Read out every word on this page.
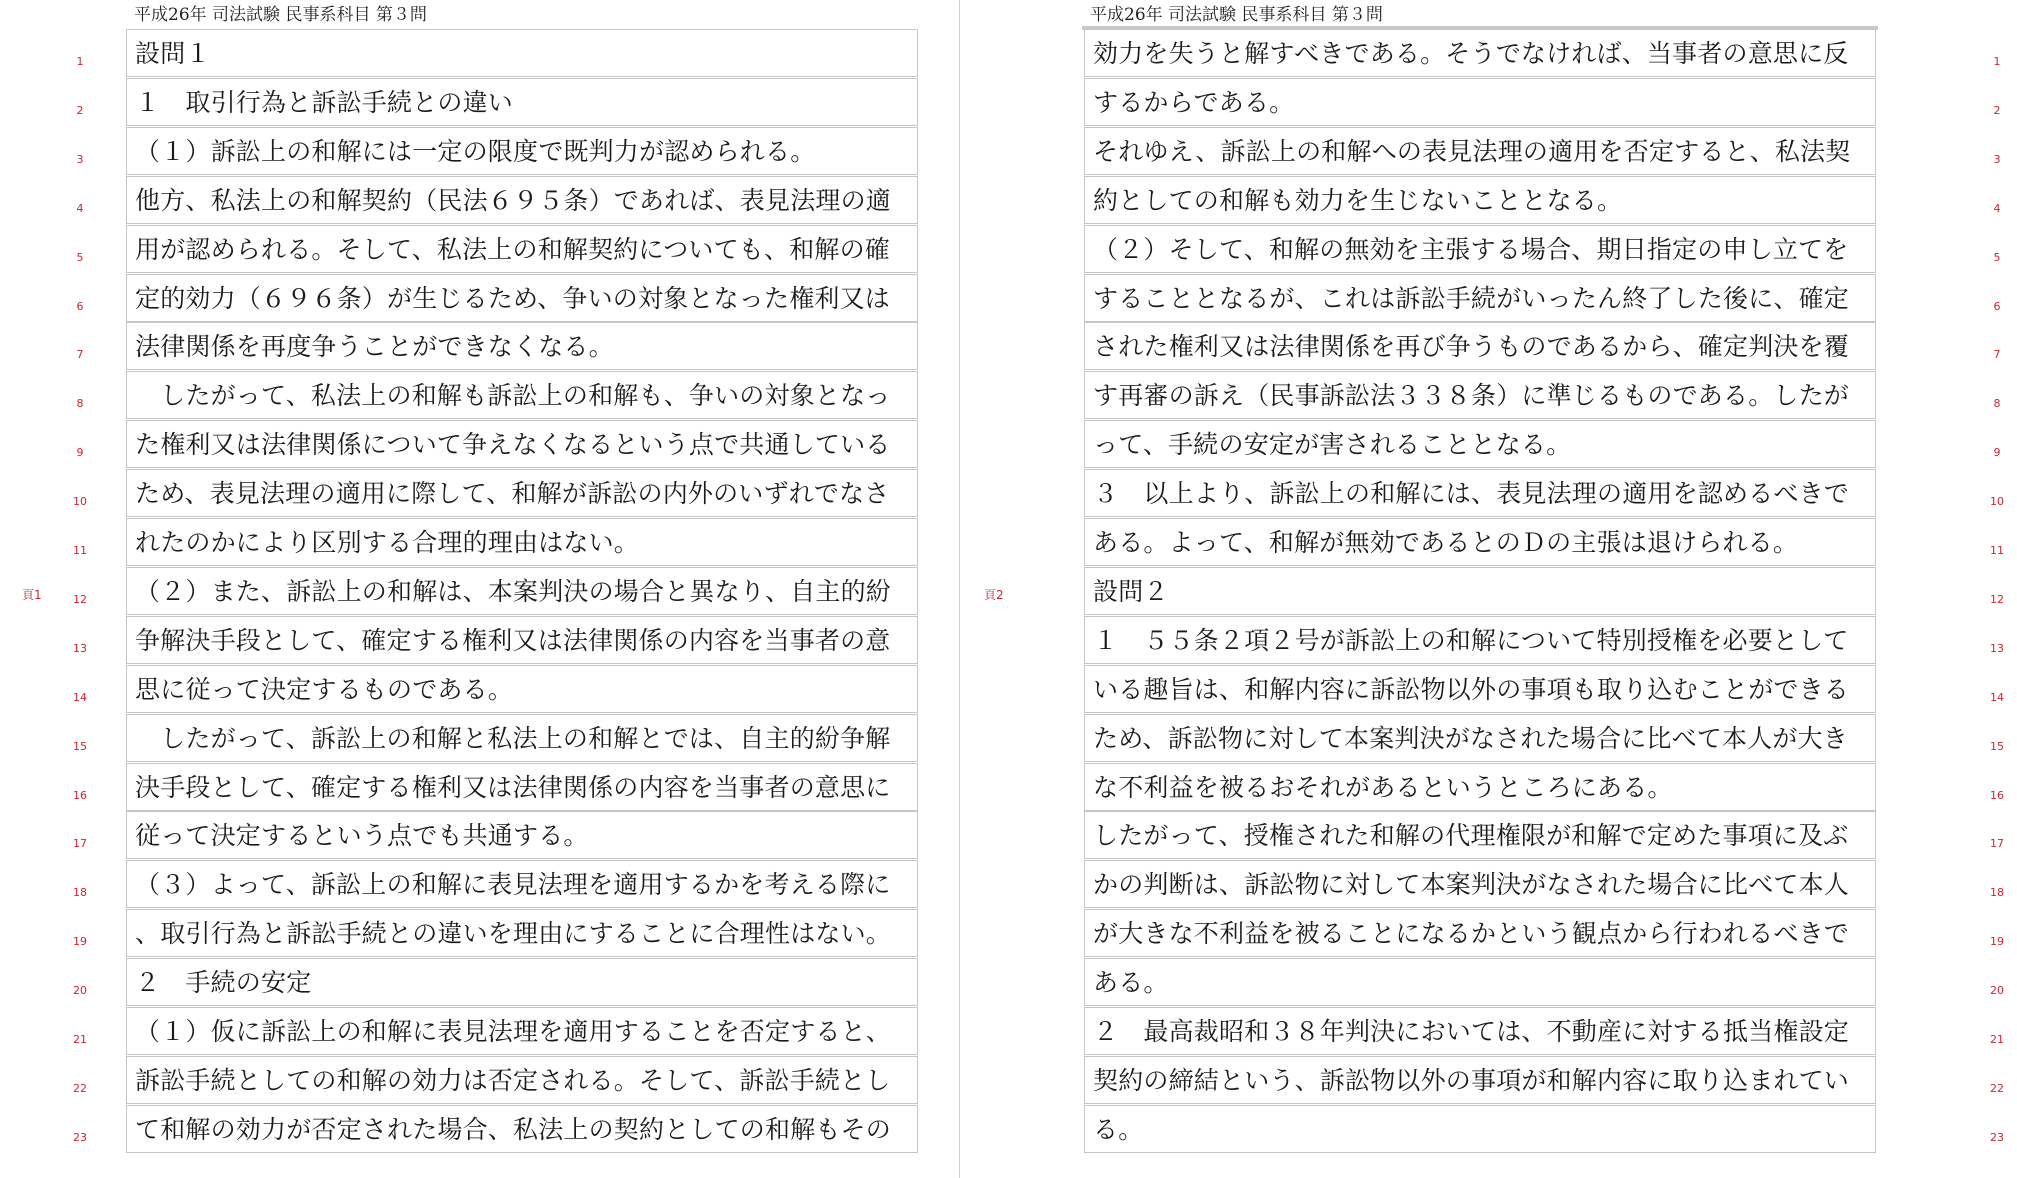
平成26年 司法試験 民事系科目 第３問
頁1
設問１
１　取引行為と訴訟手続との違い
（１）訴訟上の和解には一定の限度で既判力が認められる。
他方、私法上の和解契約（民法６９５条）であれば、表見法理の適
用が認められる。そして、私法上の和解契約についても、和解の確
定的効力（６９６条）が生じるため、争いの対象となった権利又は
法律関係を再度争うことができなくなる。
　したがって、私法上の和解も訴訟上の和解も、争いの対象となっ
た権利又は法律関係について争えなくなるという点で共通している
ため、表見法理の適用に際して、和解が訴訟の内外のいずれでなさ
れたのかにより区別する合理的理由はない。
（２）また、訴訟上の和解は、本案判決の場合と異なり、自主的紛
争解決手段として、確定する権利又は法律関係の内容を当事者の意
思に従って決定するものである。
　したがって、訴訟上の和解と私法上の和解とでは、自主的紛争解
決手段として、確定する権利又は法律関係の内容を当事者の意思に
従って決定するという点でも共通する。
（３）よって、訴訟上の和解に表見法理を適用するかを考える際に
、取引行為と訴訟手続との違いを理由にすることに合理性はない。
２　手続の安定
（１）仮に訴訟上の和解に表見法理を適用することを否定すると、
訴訟手続としての和解の効力は否定される。そして、訴訟手続とし
て和解の効力が否定された場合、私法上の契約としての和解もその
1
2
3
4
5
6
7
8
9
10
11
12
13
14
15
16
17
18
19
20
21
22
23
平成26年 司法試験 民事系科目 第３問
頁2
効力を失うと解すべきである。そうでなければ、当事者の意思に反
するからである。
それゆえ、訴訟上の和解への表見法理の適用を否定すると、私法契
約としての和解も効力を生じないこととなる。
（２）そして、和解の無効を主張する場合、期日指定の申し立てを
することとなるが、これは訴訟手続がいったん終了した後に、確定
された権利又は法律関係を再び争うものであるから、確定判決を覆
す再審の訴え（民事訴訟法３３８条）に準じるものである。したが
って、手続の安定が害されることとなる。
３　以上より、訴訟上の和解には、表見法理の適用を認めるべきで
ある。よって、和解が無効であるとのＤの主張は退けられる。
設問２
１　５５条２項２号が訴訟上の和解について特別授権を必要として
いる趣旨は、和解内容に訴訟物以外の事項も取り込むことができる
ため、訴訟物に対して本案判決がなされた場合に比べて本人が大き
な不利益を被るおそれがあるというところにある。
したがって、授権された和解の代理権限が和解で定めた事項に及ぶ
かの判断は、訴訟物に対して本案判決がなされた場合に比べて本人
が大きな不利益を被ることになるかという観点から行われるべきで
ある。
２　最高裁昭和３８年判決においては、不動産に対する抵当権設定
契約の締結という、訴訟物以外の事項が和解内容に取り込まれてい
る。
1
2
3
4
5
6
7
8
9
10
11
12
13
14
15
16
17
18
19
20
21
22
23
